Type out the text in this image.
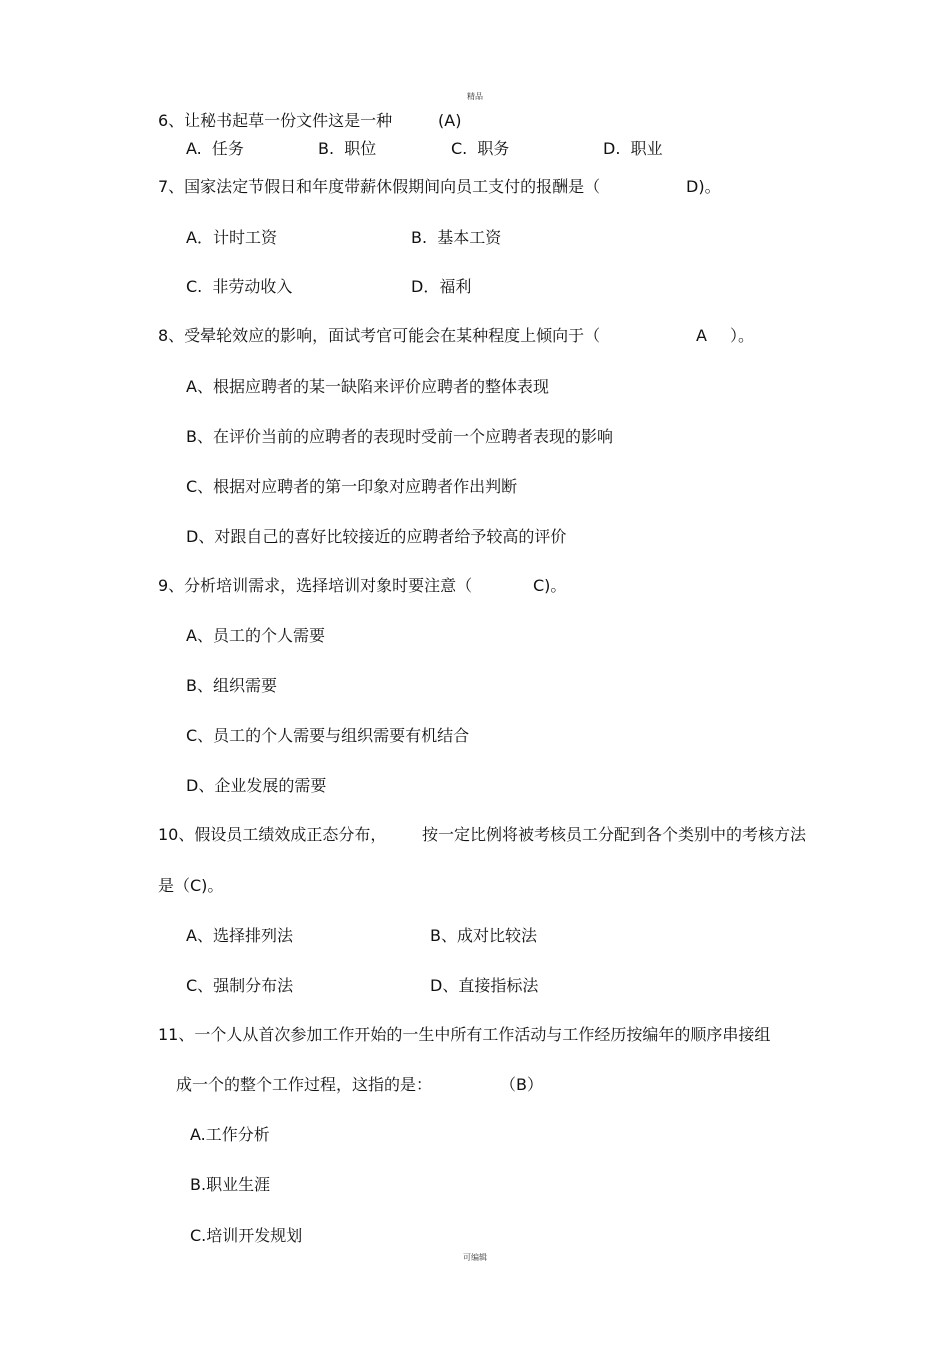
精品
6、让秘书起草一份文件这是一种	(A)
A.  任务	B.  职位	C.  职务	D.  职业
7、国家法定节假日和年度带薪休假期间向员工支付的报酬是（	D)。
A．计时工资	B.  基本工资
C.  非劳动收入	D．福利
8、受晕轮效应的影响，面试考官可能会在某种程度上倾向于（	A ）。
A、根据应聘者的某一缺陷来评价应聘者的整体表现
B、在评价当前的应聘者的表现时受前一个应聘者表现的影响
C、根据对应聘者的第一印象对应聘者作出判断
D、对跟自己的喜好比较接近的应聘者给予较高的评价
9、分析培训需求，选择培训对象时要注意（	C)。
A、员工的个人需要
B、组织需要
C、员工的个人需要与组织需要有机结合
D、企业发展的需要
10、假设员工绩效成正态分布， 按一定比例将被考核员工分配到各个类别中的考核方法
是（C)。
A、选择排列法	B、成对比较法
C、强制分布法	D、直接指标法
11、一个人从首次参加工作开始的一生中所有工作活动与工作经历按编年的顺序串接组
成一个的整个工作过程，这指的是：	（B）
A.工作分析
B.职业生涯
C.培训开发规划
可编辑
